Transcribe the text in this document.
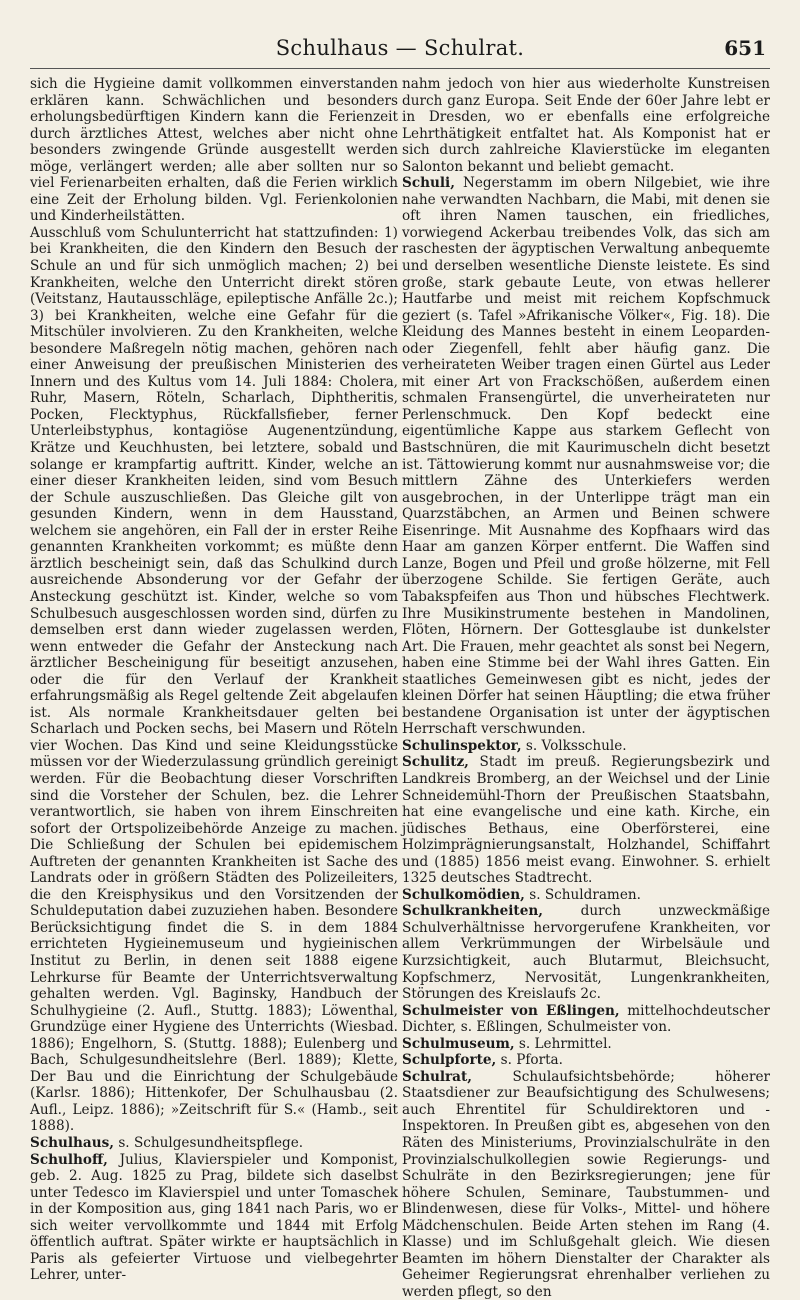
Schulhaus — Schulrat.	651

sich die Hygieine damit vollkommen einverstanden erklären kann. Schwächlichen und besonders erholungsbedürftigen Kindern kann die Ferienzeit durch ärztliches Attest, welches aber nicht ohne besonders zwingende Gründe ausgestellt werden möge, verlängert werden; alle aber sollten nur so viel Ferienarbeiten erhalten, daß die Ferien wirklich eine Zeit der Erholung bilden. Vgl. Ferienkolonien und Kinderheilstätten.

Ausschluß vom Schulunterricht hat stattzufinden: 1) bei Krankheiten, die den Kindern den Besuch der Schule an und für sich unmöglich machen; 2) bei Krankheiten, welche den Unterricht direkt stören (Veitstanz, Hautausschläge, epileptische Anfälle 2c.); 3) bei Krankheiten, welche eine Gefahr für die Mitschüler involvieren. Zu den Krankheiten, welche besondere Maßregeln nötig machen, gehören nach einer Anweisung der preußischen Ministerien des Innern und des Kultus vom 14. Juli 1884: Cholera, Ruhr, Masern, Röteln, Scharlach, Diphtheritis, Pocken, Flecktyphus, Rückfallsfieber, ferner Unterleibstyphus, kontagiöse Augenentzündung, Krätze und Keuchhusten, bei letztere, sobald und solange er krampfartig auftritt. Kinder, welche an einer dieser Krankheiten leiden, sind vom Besuch der Schule auszuschließen. Das Gleiche gilt von gesunden Kindern, wenn in dem Hausstand, welchem sie angehören, ein Fall der in erster Reihe genannten Krankheiten vorkommt; es müßte denn ärztlich bescheinigt sein, daß das Schulkind durch ausreichende Absonderung vor der Gefahr der Ansteckung geschützt ist. Kinder, welche so vom Schulbesuch ausgeschlossen worden sind, dürfen zu demselben erst dann wieder zugelassen werden, wenn entweder die Gefahr der Ansteckung nach ärztlicher Bescheinigung für beseitigt anzusehen, oder die für den Verlauf der Krankheit erfahrungsmäßig als Regel geltende Zeit abgelaufen ist. Als normale Krankheitsdauer gelten bei Scharlach und Pocken sechs, bei Masern und Röteln vier Wochen. Das Kind und seine Kleidungsstücke müssen vor der Wiederzulassung gründlich gereinigt werden. Für die Beobachtung dieser Vorschriften sind die Vorsteher der Schulen, bez. die Lehrer verantwortlich, sie haben von ihrem Einschreiten sofort der Ortspolizeibehörde Anzeige zu machen. Die Schließung der Schulen bei epidemischem Auftreten der genannten Krankheiten ist Sache des Landrats oder in größern Städten des Polizeileiters, die den Kreisphysikus und den Vorsitzenden der Schuldeputation dabei zuzuziehen haben. Besondere Berücksichtigung findet die S. in dem 1884 errichteten Hygieinemuseum und hygieinischen Institut zu Berlin, in denen seit 1888 eigene Lehrkurse für Beamte der Unterrichtsverwaltung gehalten werden. Vgl. Baginsky, Handbuch der Schulhygieine (2. Aufl., Stuttg. 1883); Löwenthal, Grundzüge einer Hygiene des Unterrichts (Wiesbad. 1886); Engelhorn, S. (Stuttg. 1888); Eulenberg und Bach, Schulgesundheitslehre (Berl. 1889); Klette, Der Bau und die Einrichtung der Schulgebäude (Karlsr. 1886); Hittenkofer, Der Schulhausbau (2. Aufl., Leipz. 1886); »Zeitschrift für S.« (Hamb., seit 1888).

Schulhaus, s. Schulgesundheitspflege.

Schulhoff, Julius, Klavierspieler und Komponist, geb. 2. Aug. 1825 zu Prag, bildete sich daselbst unter Tedesco im Klavierspiel und unter Tomaschek in der Komposition aus, ging 1841 nach Paris, wo er sich weiter vervollkommte und 1844 mit Erfolg öffentlich auftrat. Später wirkte er hauptsächlich in Paris als gefeierter Virtuose und vielbegehrter Lehrer, unter-

nahm jedoch von hier aus wiederholte Kunstreisen durch ganz Europa. Seit Ende der 60er Jahre lebt er in Dresden, wo er ebenfalls eine erfolgreiche Lehrthätigkeit entfaltet hat. Als Komponist hat er sich durch zahlreiche Klavierstücke im eleganten Salonton bekannt und beliebt gemacht.

Schuli, Negerstamm im obern Nilgebiet, wie ihre nahe verwandten Nachbarn, die Mabi, mit denen sie oft ihren Namen tauschen, ein friedliches, vorwiegend Ackerbau treibendes Volk, das sich am raschesten der ägyptischen Verwaltung anbequemte und derselben wesentliche Dienste leistete. Es sind große, stark gebaute Leute, von etwas hellerer Hautfarbe und meist mit reichem Kopfschmuck geziert (s. Tafel »Afrikanische Völker«, Fig. 18). Die Kleidung des Mannes besteht in einem Leoparden- oder Ziegenfell, fehlt aber häufig ganz. Die verheirateten Weiber tragen einen Gürtel aus Leder mit einer Art von Frackschößen, außerdem einen schmalen Fransengürtel, die unverheirateten nur Perlenschmuck. Den Kopf bedeckt eine eigentümliche Kappe aus starkem Geflecht von Bastschnüren, die mit Kaurimuscheln dicht besetzt ist. Tättowierung kommt nur ausnahmsweise vor; die mittlern Zähne des Unterkiefers werden ausgebrochen, in der Unterlippe trägt man ein Quarzstäbchen, an Armen und Beinen schwere Eisenringe. Mit Ausnahme des Kopfhaars wird das Haar am ganzen Körper entfernt. Die Waffen sind Lanze, Bogen und Pfeil und große hölzerne, mit Fell überzogene Schilde. Sie fertigen Geräte, auch Tabakspfeifen aus Thon und hübsches Flechtwerk. Ihre Musikinstrumente bestehen in Mandolinen, Flöten, Hörnern. Der Gottesglaube ist dunkelster Art. Die Frauen, mehr geachtet als sonst bei Negern, haben eine Stimme bei der Wahl ihres Gatten. Ein staatliches Gemeinwesen gibt es nicht, jedes der kleinen Dörfer hat seinen Häuptling; die etwa früher bestandene Organisation ist unter der ägyptischen Herrschaft verschwunden.

Schulinspektor, s. Volksschule.

Schulitz, Stadt im preuß. Regierungsbezirk und Landkreis Bromberg, an der Weichsel und der Linie Schneidemühl-Thorn der Preußischen Staatsbahn, hat eine evangelische und eine kath. Kirche, ein jüdisches Bethaus, eine Oberförsterei, eine Holzimprägnierungsanstalt, Holzhandel, Schiffahrt und (1885) 1856 meist evang. Einwohner. S. erhielt 1325 deutsches Stadtrecht.

Schulkomödien, s. Schuldramen.

Schulkrankheiten, durch unzweckmäßige Schulverhältnisse hervorgerufene Krankheiten, vor allem Verkrümmungen der Wirbelsäule und Kurzsichtigkeit, auch Blutarmut, Bleichsucht, Kopfschmerz, Nervosität, Lungenkrankheiten, Störungen des Kreislaufs 2c.

Schulmeister von Eßlingen, mittelhochdeutscher Dichter, s. Eßlingen, Schulmeister von.

Schulmuseum, s. Lehrmittel.

Schulpforte, s. Pforta.

Schulrat, Schulaufsichtsbehörde; höherer Staatsdiener zur Beaufsichtigung des Schulwesens; auch Ehrentitel für Schuldirektoren und -Inspektoren. In Preußen gibt es, abgesehen von den Räten des Ministeriums, Provinzialschulräte in den Provinzialschulkollegien sowie Regierungs- und Schulräte in den Bezirksregierungen; jene für höhere Schulen, Seminare, Taubstummen- und Blindenwesen, diese für Volks-, Mittel- und höhere Mädchenschulen. Beide Arten stehen im Rang (4. Klasse) und im Schlußgehalt gleich. Wie diesen Beamten im höhern Dienstalter der Charakter als Geheimer Regierungsrat ehrenhalber verliehen zu werden pflegt, so den
